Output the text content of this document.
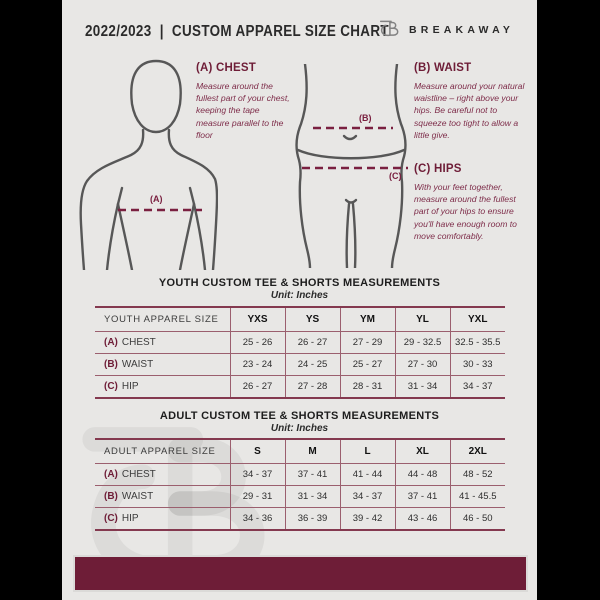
2022/2023  |  CUSTOM APPAREL SIZE CHART BREAKAWAY
(A)
(B)
(C)
(A) CHEST
Measure around the fullest part of your chest, keeping the tape measure parallel to the floor
(B) WAIST
Measure around your natural waistline – right above your hips. Be careful not to squeeze too tight to allow a little give.
(C) HIPS
With your feet together, measure around the fullest part of your hips to ensure you'll have enough room to move comfortably.
YOUTH CUSTOM TEE & SHORTS MEASUREMENTS
Unit: Inches
YOUTH APPAREL SIZE	YXS	YS	YM	YL	YXL
(A) CHEST	25 - 26	26 - 27	27 - 29	29 - 32.5	32.5 - 35.5
(B) WAIST	23 - 24	24 - 25	25 - 27	27 - 30	30 - 33
(C) HIP	26 - 27	27 - 28	28 - 31	31 - 34	34 - 37
ADULT CUSTOM TEE & SHORTS MEASUREMENTS
Unit: Inches
ADULT APPAREL SIZE	S	M	L	XL	2XL
(A) CHEST	34 - 37	37 - 41	41 - 44	44 - 48	48 - 52
(B) WAIST	29 - 31	31 - 34	34 - 37	37 - 41	41 - 45.5
(C) HIP	34 - 36	36 - 39	39 - 42	43 - 46	46 - 50
